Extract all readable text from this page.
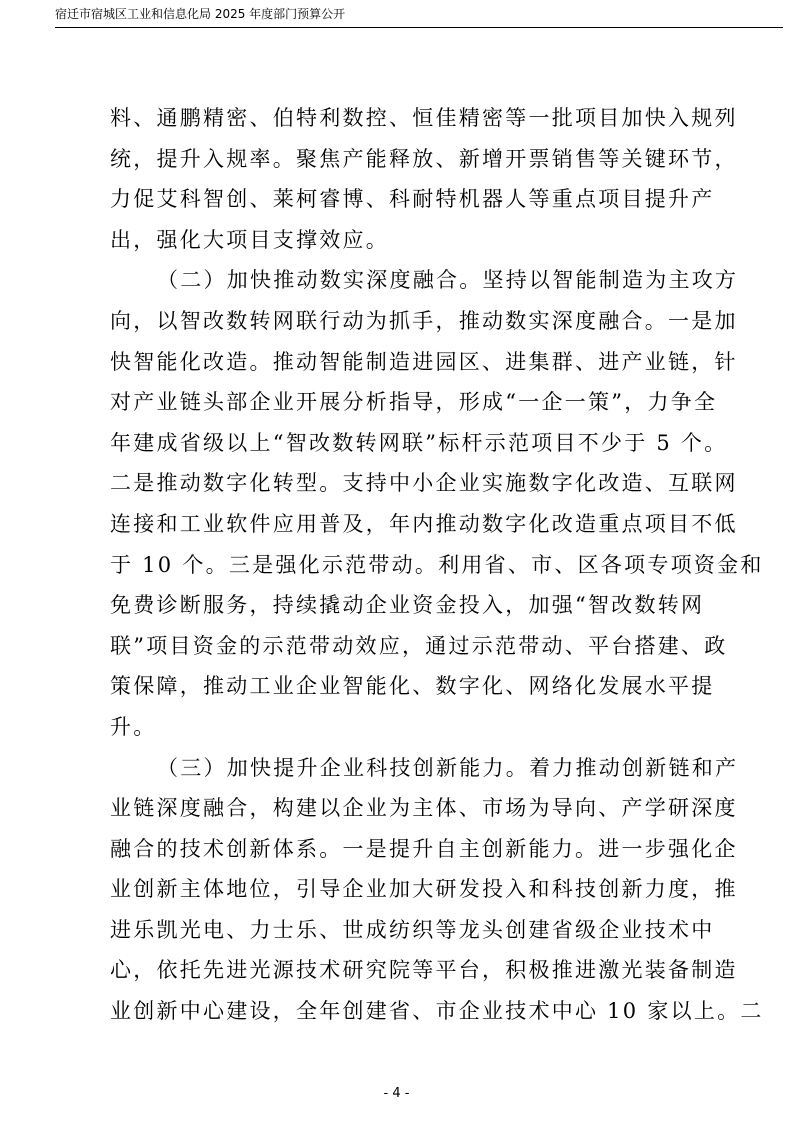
宿迁市宿城区工业和信息化局 2025 年度部门预算公开
料、通鹏精密、伯特利数控、恒佳精密等一批项目加快入规列
统，提升入规率。聚焦产能释放、新增开票销售等关键环节，
力促艾科智创、莱柯睿博、科耐特机器人等重点项目提升产
出，强化大项目支撑效应。
（二）加快推动数实深度融合。坚持以智能制造为主攻方
向，以智改数转网联行动为抓手，推动数实深度融合。一是加
快智能化改造。推动智能制造进园区、进集群、进产业链，针
对产业链头部企业开展分析指导，形成“一企一策”，力争全
年建成省级以上“智改数转网联”标杆示范项目不少于 5 个。
二是推动数字化转型。支持中小企业实施数字化改造、互联网
连接和工业软件应用普及，年内推动数字化改造重点项目不低
于 10 个。三是强化示范带动。利用省、市、区各项专项资金和
免费诊断服务，持续撬动企业资金投入，加强“智改数转网
联”项目资金的示范带动效应，通过示范带动、平台搭建、政
策保障，推动工业企业智能化、数字化、网络化发展水平提
升。
（三）加快提升企业科技创新能力。着力推动创新链和产
业链深度融合，构建以企业为主体、市场为导向、产学研深度
融合的技术创新体系。一是提升自主创新能力。进一步强化企
业创新主体地位，引导企业加大研发投入和科技创新力度，推
进乐凯光电、力士乐、世成纺织等龙头创建省级企业技术中
心，依托先进光源技术研究院等平台，积极推进激光装备制造
业创新中心建设，全年创建省、市企业技术中心 10 家以上。二
- 4 -
